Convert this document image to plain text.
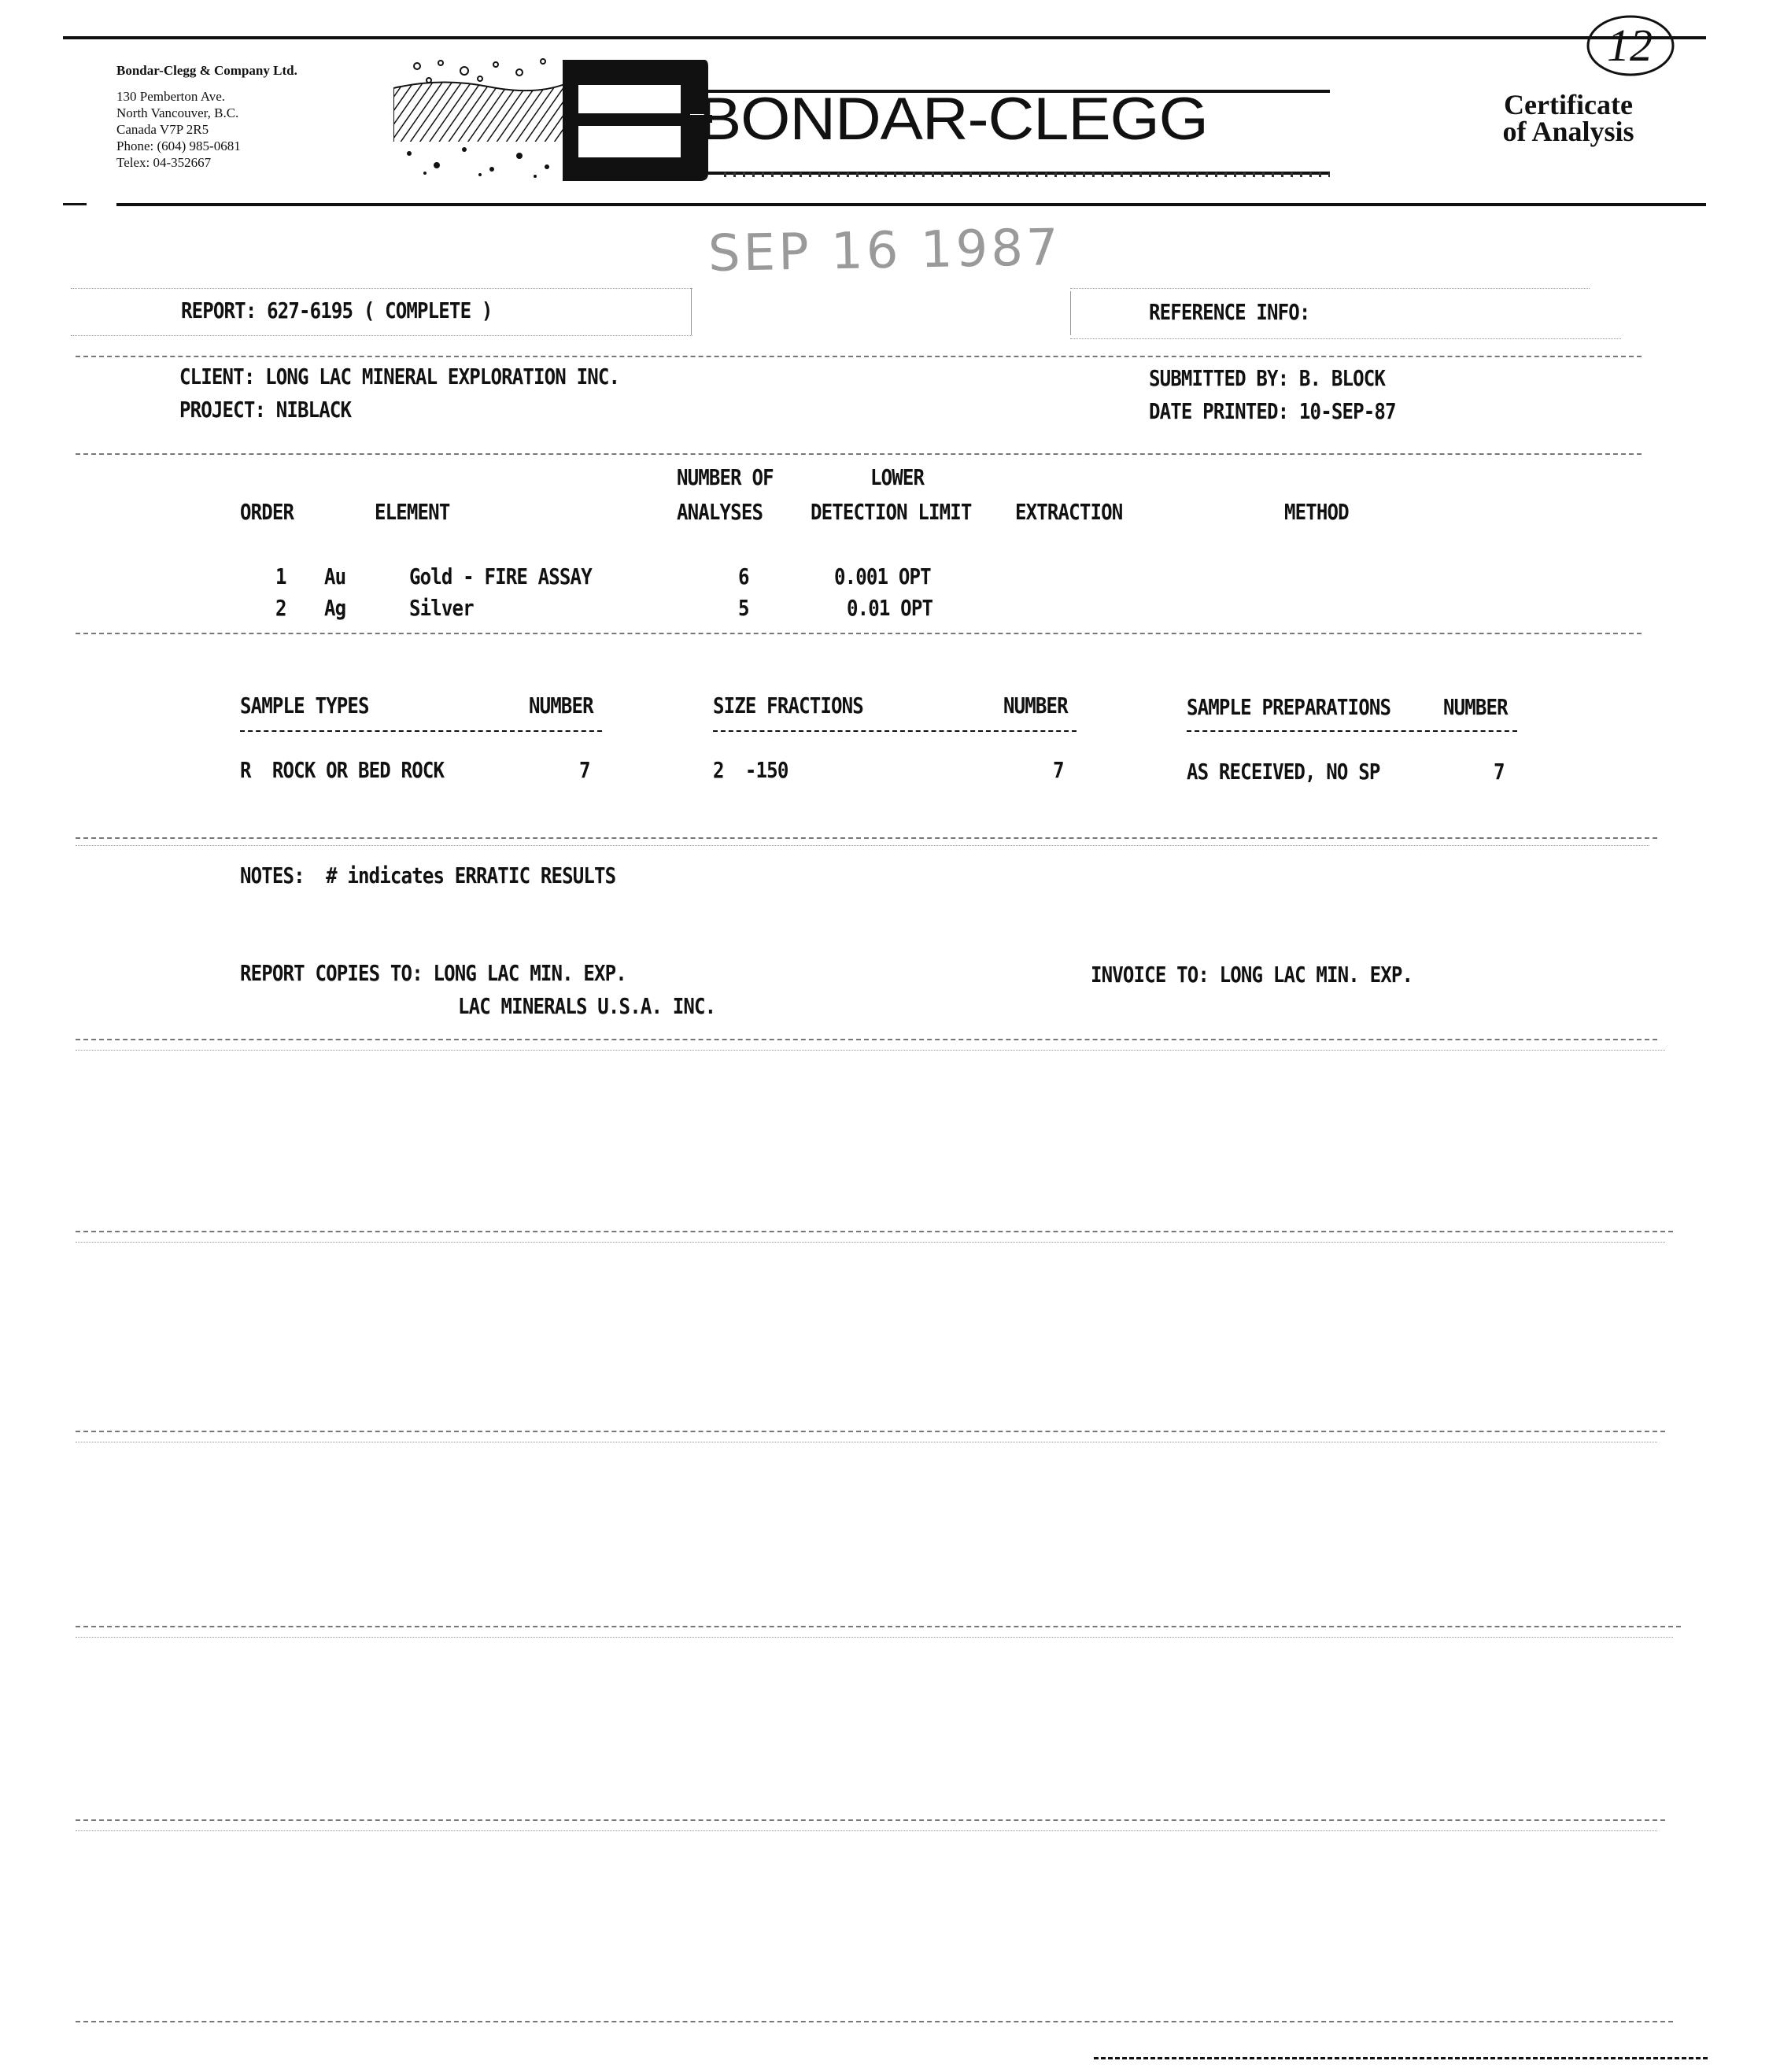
Bondar-Clegg & Company Ltd.
130 Pemberton Ave.
North Vancouver, B.C.
Canada V7P 2R5
Phone: (604) 985-0681
Telex: 04-352667
BONDAR-CLEGG	Certificate
of Analysis
12
SEP 16 1987
REPORT: 627-6195 ( COMPLETE )	REFERENCE INFO:
CLIENT: LONG LAC MINERAL EXPLORATION INC.
PROJECT: NIBLACK
SUBMITTED BY: B. BLOCK
DATE PRINTED: 10-SEP-87
NUMBER OF	LOWER
ORDER	ELEMENT	ANALYSES DETECTION LIMIT EXTRACTION	METHOD
1 Au	Gold - FIRE ASSAY	6	0.001 OPT
2 Ag	Silver	5	0.01 OPT
SAMPLE TYPES	NUMBER	SIZE FRACTIONS	NUMBER	SAMPLE PREPARATIONS NUMBER
R  ROCK OR BED ROCK	7	2  -150	7	AS RECEIVED, NO SP	7
NOTES:  # indicates ERRATIC RESULTS
REPORT COPIES TO: LONG LAC MIN. EXP.
LAC MINERALS U.S.A. INC.
INVOICE TO: LONG LAC MIN. EXP.
